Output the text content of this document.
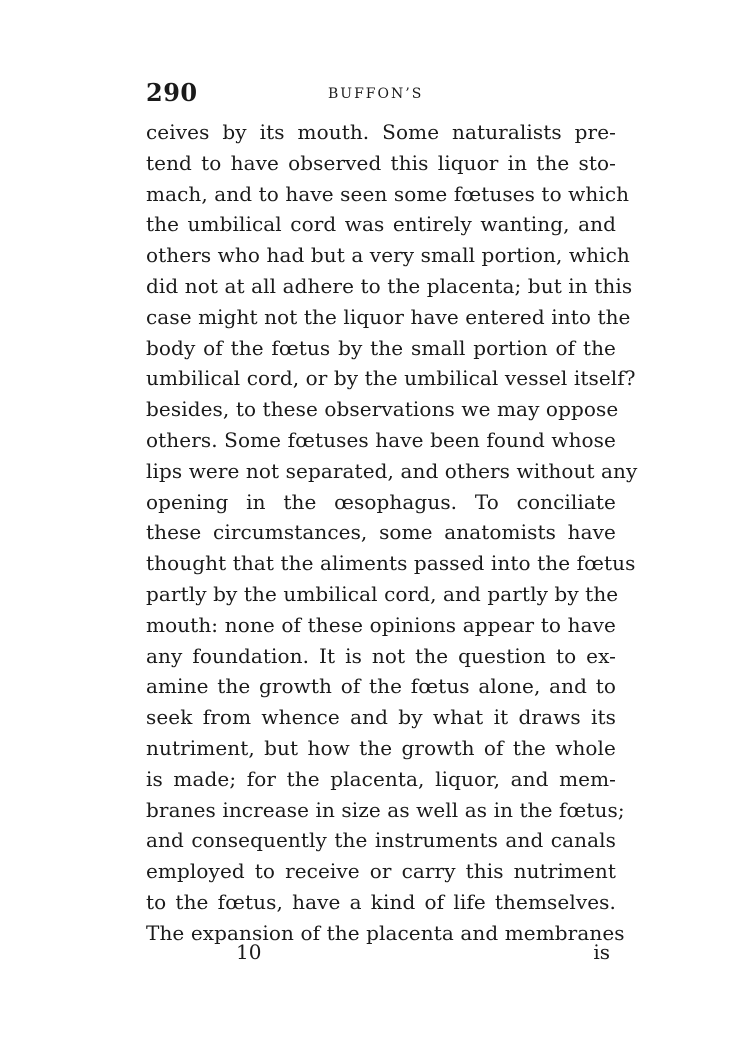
290	BUFFON’S
ceives by its mouth. Some naturalists pre-
tend to have observed this liquor in the sto-
mach, and to have seen some fœtuses to which
the umbilical cord was entirely wanting, and
others who had but a very small portion, which
did not at all adhere to the placenta; but in this
case might not the liquor have entered into the
body of the fœtus by the small portion of the
umbilical cord, or by the umbilical vessel itself?
besides, to these observations we may oppose
others. Some fœtuses have been found whose
lips were not separated, and others without any
opening in the œsophagus. To conciliate
these circumstances, some anatomists have
thought that the aliments passed into the fœtus
partly by the umbilical cord, and partly by the
mouth: none of these opinions appear to have
any foundation. It is not the question to ex-
amine the growth of the fœtus alone, and to
seek from whence and by what it draws its
nutriment, but how the growth of the whole
is made; for the placenta, liquor, and mem-
branes increase in size as well as in the fœtus;
and consequently the instruments and canals
employed to receive or carry this nutriment
to the fœtus, have a kind of life themselves.
The expansion of the placenta and membranes
10	is
